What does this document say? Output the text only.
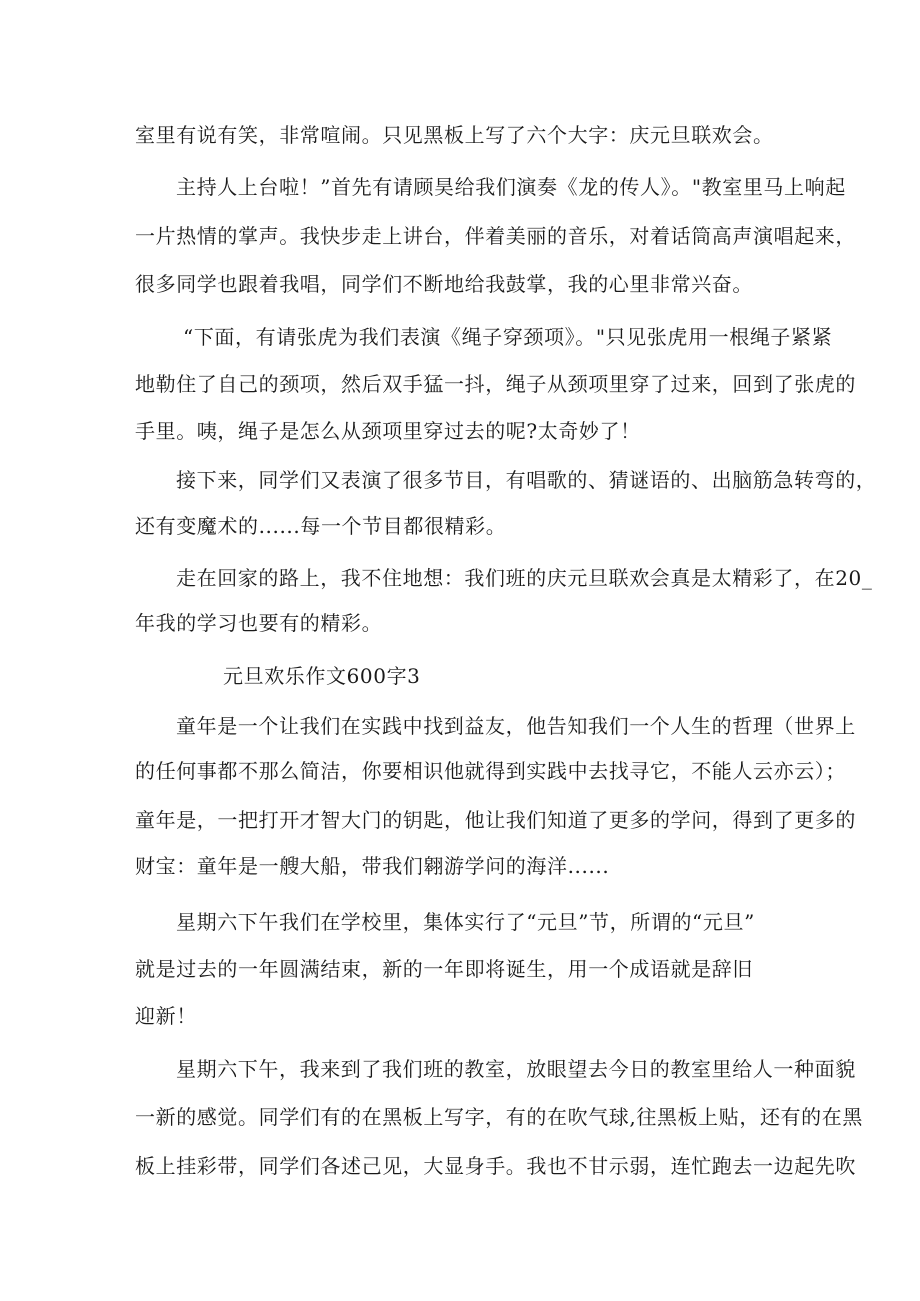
室里有说有笑，非常喧闹。只见黑板上写了六个大字：庆元旦联欢会。
主持人上台啦！”首先有请顾昊给我们演奏《龙的传人》。"教室里马上响起
一片热情的掌声。我快步走上讲台，伴着美丽的音乐，对着话筒高声演唱起来，
很多同学也跟着我唱，同学们不断地给我鼓掌，我的心里非常兴奋。
“下面，有请张虎为我们表演《绳子穿颈项》。"只见张虎用一根绳子紧紧
地勒住了自己的颈项，然后双手猛一抖，绳子从颈项里穿了过来，回到了张虎的
手里。咦，绳子是怎么从颈项里穿过去的呢?太奇妙了！
接下来，同学们又表演了很多节目，有唱歌的、猜谜语的、出脑筋急转弯的，
还有变魔术的......每一个节目都很精彩。
走在回家的路上，我不住地想：我们班的庆元旦联欢会真是太精彩了，在20_
年我的学习也要有的精彩。
元旦欢乐作文600字3
童年是一个让我们在实践中找到益友，他告知我们一个人生的哲理（世界上
的任何事都不那么简洁，你要相识他就得到实践中去找寻它，不能人云亦云）；
童年是，一把打开才智大门的钥匙，他让我们知道了更多的学问，得到了更多的
财宝：童年是一艘大船，带我们翱游学问的海洋......
星期六下午我们在学校里，集体实行了“元旦”节，所谓的“元旦”
就是过去的一年圆满结束，新的一年即将诞生，用一个成语就是辞旧
迎新！
星期六下午，我来到了我们班的教室，放眼望去今日的教室里给人一种面貌
一新的感觉。同学们有的在黑板上写字，有的在吹气球,往黑板上贴，还有的在黑
板上挂彩带，同学们各述己见，大显身手。我也不甘示弱，连忙跑去一边起先吹
